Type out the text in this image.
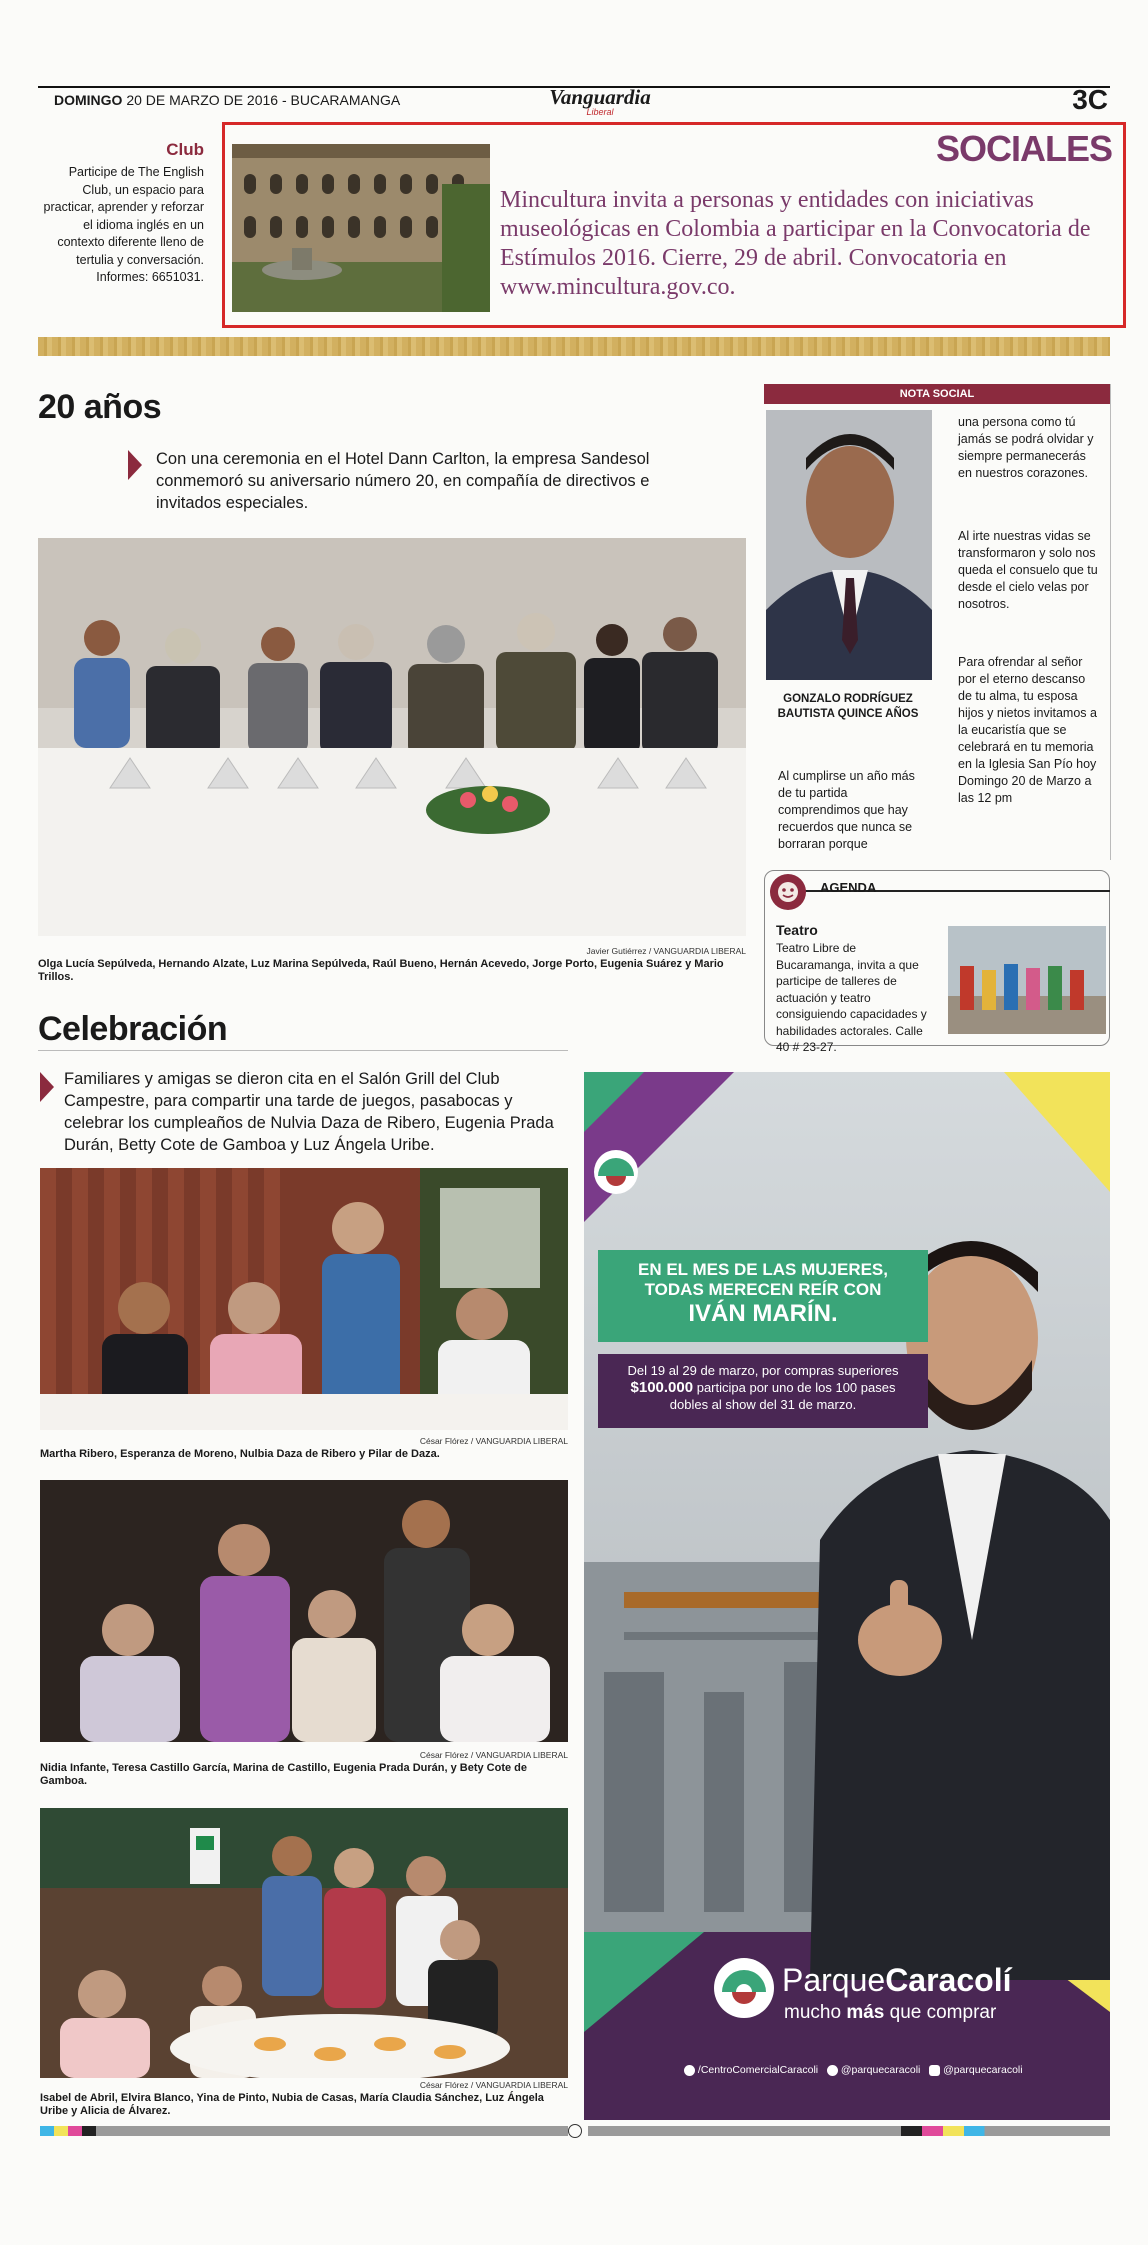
DOMINGO 20 DE MARZO DE 2016 - BUCARAMANGA	Vanguardia
Liberal	3C
Club
Participe de The English Club, un espacio para practicar, aprender y reforzar el idioma inglés en un contexto diferente lleno de tertulia y conversación. Informes: 6651031.
SOCIALES
Mincultura invita a personas y entidades con iniciativas museológicas en Colombia a participar en la Convocatoria de Estímulos 2016. Cierre, 29 de abril. Convocatoria en www.mincultura.gov.co.
20 años
Con una ceremonia en el Hotel Dann Carlton, la empresa Sandesol conmemoró su aniversario número 20, en compañía de directivos e invitados especiales.
Javier Gutiérrez / VANGUARDIA LIBERAL
Olga Lucía Sepúlveda, Hernando Alzate, Luz Marina Sepúlveda, Raúl Bueno, Hernán Acevedo, Jorge Porto, Eugenia Suárez y Mario Trillos.
NOTA SOCIAL
GONZALO RODRÍGUEZ BAUTISTA QUINCE AÑOS
Al cumplirse un año más de tu partida comprendimos que hay recuerdos que nunca se borraran porque
una persona como tú jamás se podrá olvidar y siempre permanecerás en nuestros corazones.
Al irte nuestras vidas se transformaron y solo nos queda el consuelo que tu desde el cielo velas por nosotros.
Para ofrendar al señor por el eterno descanso de tu alma, tu esposa hijos y nietos invitamos a la eucaristía que se celebrará en tu memoria en la Iglesia San Pío hoy Domingo 20 de Marzo a las 12 pm
AGENDA
Teatro
Teatro Libre de Bucaramanga, invita a que participe de talleres de actuación y teatro consiguiendo capacidades y habilidades actorales. Calle 40 # 23-27.
Celebración
Familiares y amigas se dieron cita en el Salón Grill del Club Campestre, para compartir una tarde de juegos, pasabocas y celebrar los cumpleaños de Nulvia Daza de Ribero, Eugenia Prada Durán, Betty Cote de Gamboa y Luz Ángela Uribe.
César Flórez / VANGUARDIA LIBERAL
Martha Ribero, Esperanza de Moreno, Nulbia Daza de Ribero y Pilar de Daza.
César Flórez / VANGUARDIA LIBERAL
Nidia Infante, Teresa Castillo García, Marina de Castillo, Eugenia Prada Durán, y Bety Cote de Gamboa.
César Flórez / VANGUARDIA LIBERAL
Isabel de Abril, Elvira Blanco, Yina de Pinto, Nubia de Casas, María Claudia Sánchez, Luz Ángela Uribe y Alicia de Álvarez.
EN EL MES DE LAS MUJERES,
TODAS MERECEN REÍR CON
IVÁN MARÍN.
Del 19 al 29 de marzo, por compras superiores
$100.000 participa por uno de los 100 pases
dobles al show del 31 de marzo.
ParqueCaracolí
mucho más que comprar
/CentroComercialCaracoli @parquecaracoli @parquecaracoli
